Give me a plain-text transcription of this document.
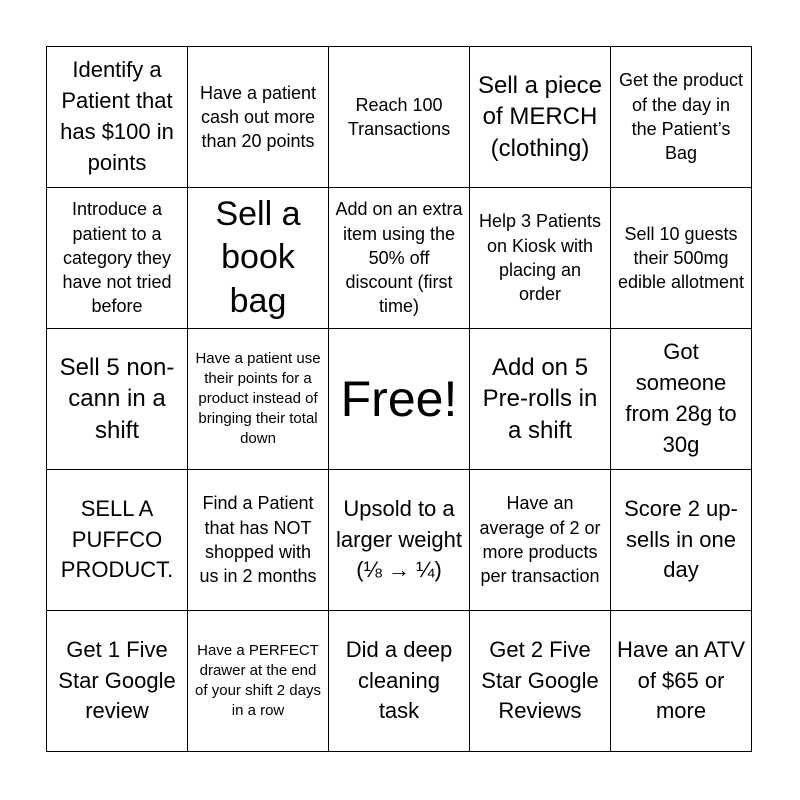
Identify a Patient that has $100 in points
Have a patient cash out more than 20 points
Reach 100 Transactions
Sell a piece of MERCH (clothing)
Get the product of the day in the Patient’s Bag
Introduce a patient to a category they have not tried before
Sell a book bag
Add on an extra item using the 50% off discount (first time)
Help 3 Patients on Kiosk with placing an order
Sell 10 guests their 500mg edible allotment
Sell 5 non-cann in a shift
Have a patient use their points for a product instead of bringing their total down
Free!
Add on 5 Pre-rolls in a shift
Got someone from 28g to 30g
SELL A PUFFCO PRODUCT.
Find a Patient that has NOT shopped with us in 2 months
Upsold to a larger weight (⅛ → ¼)
Have an average of 2 or more products per transaction
Score 2 up-sells in one day
Get 1 Five Star Google review
Have a PERFECT drawer at the end of your shift 2 days in a row
Did a deep cleaning task
Get 2 Five Star Google Reviews
Have an ATV of $65 or more
